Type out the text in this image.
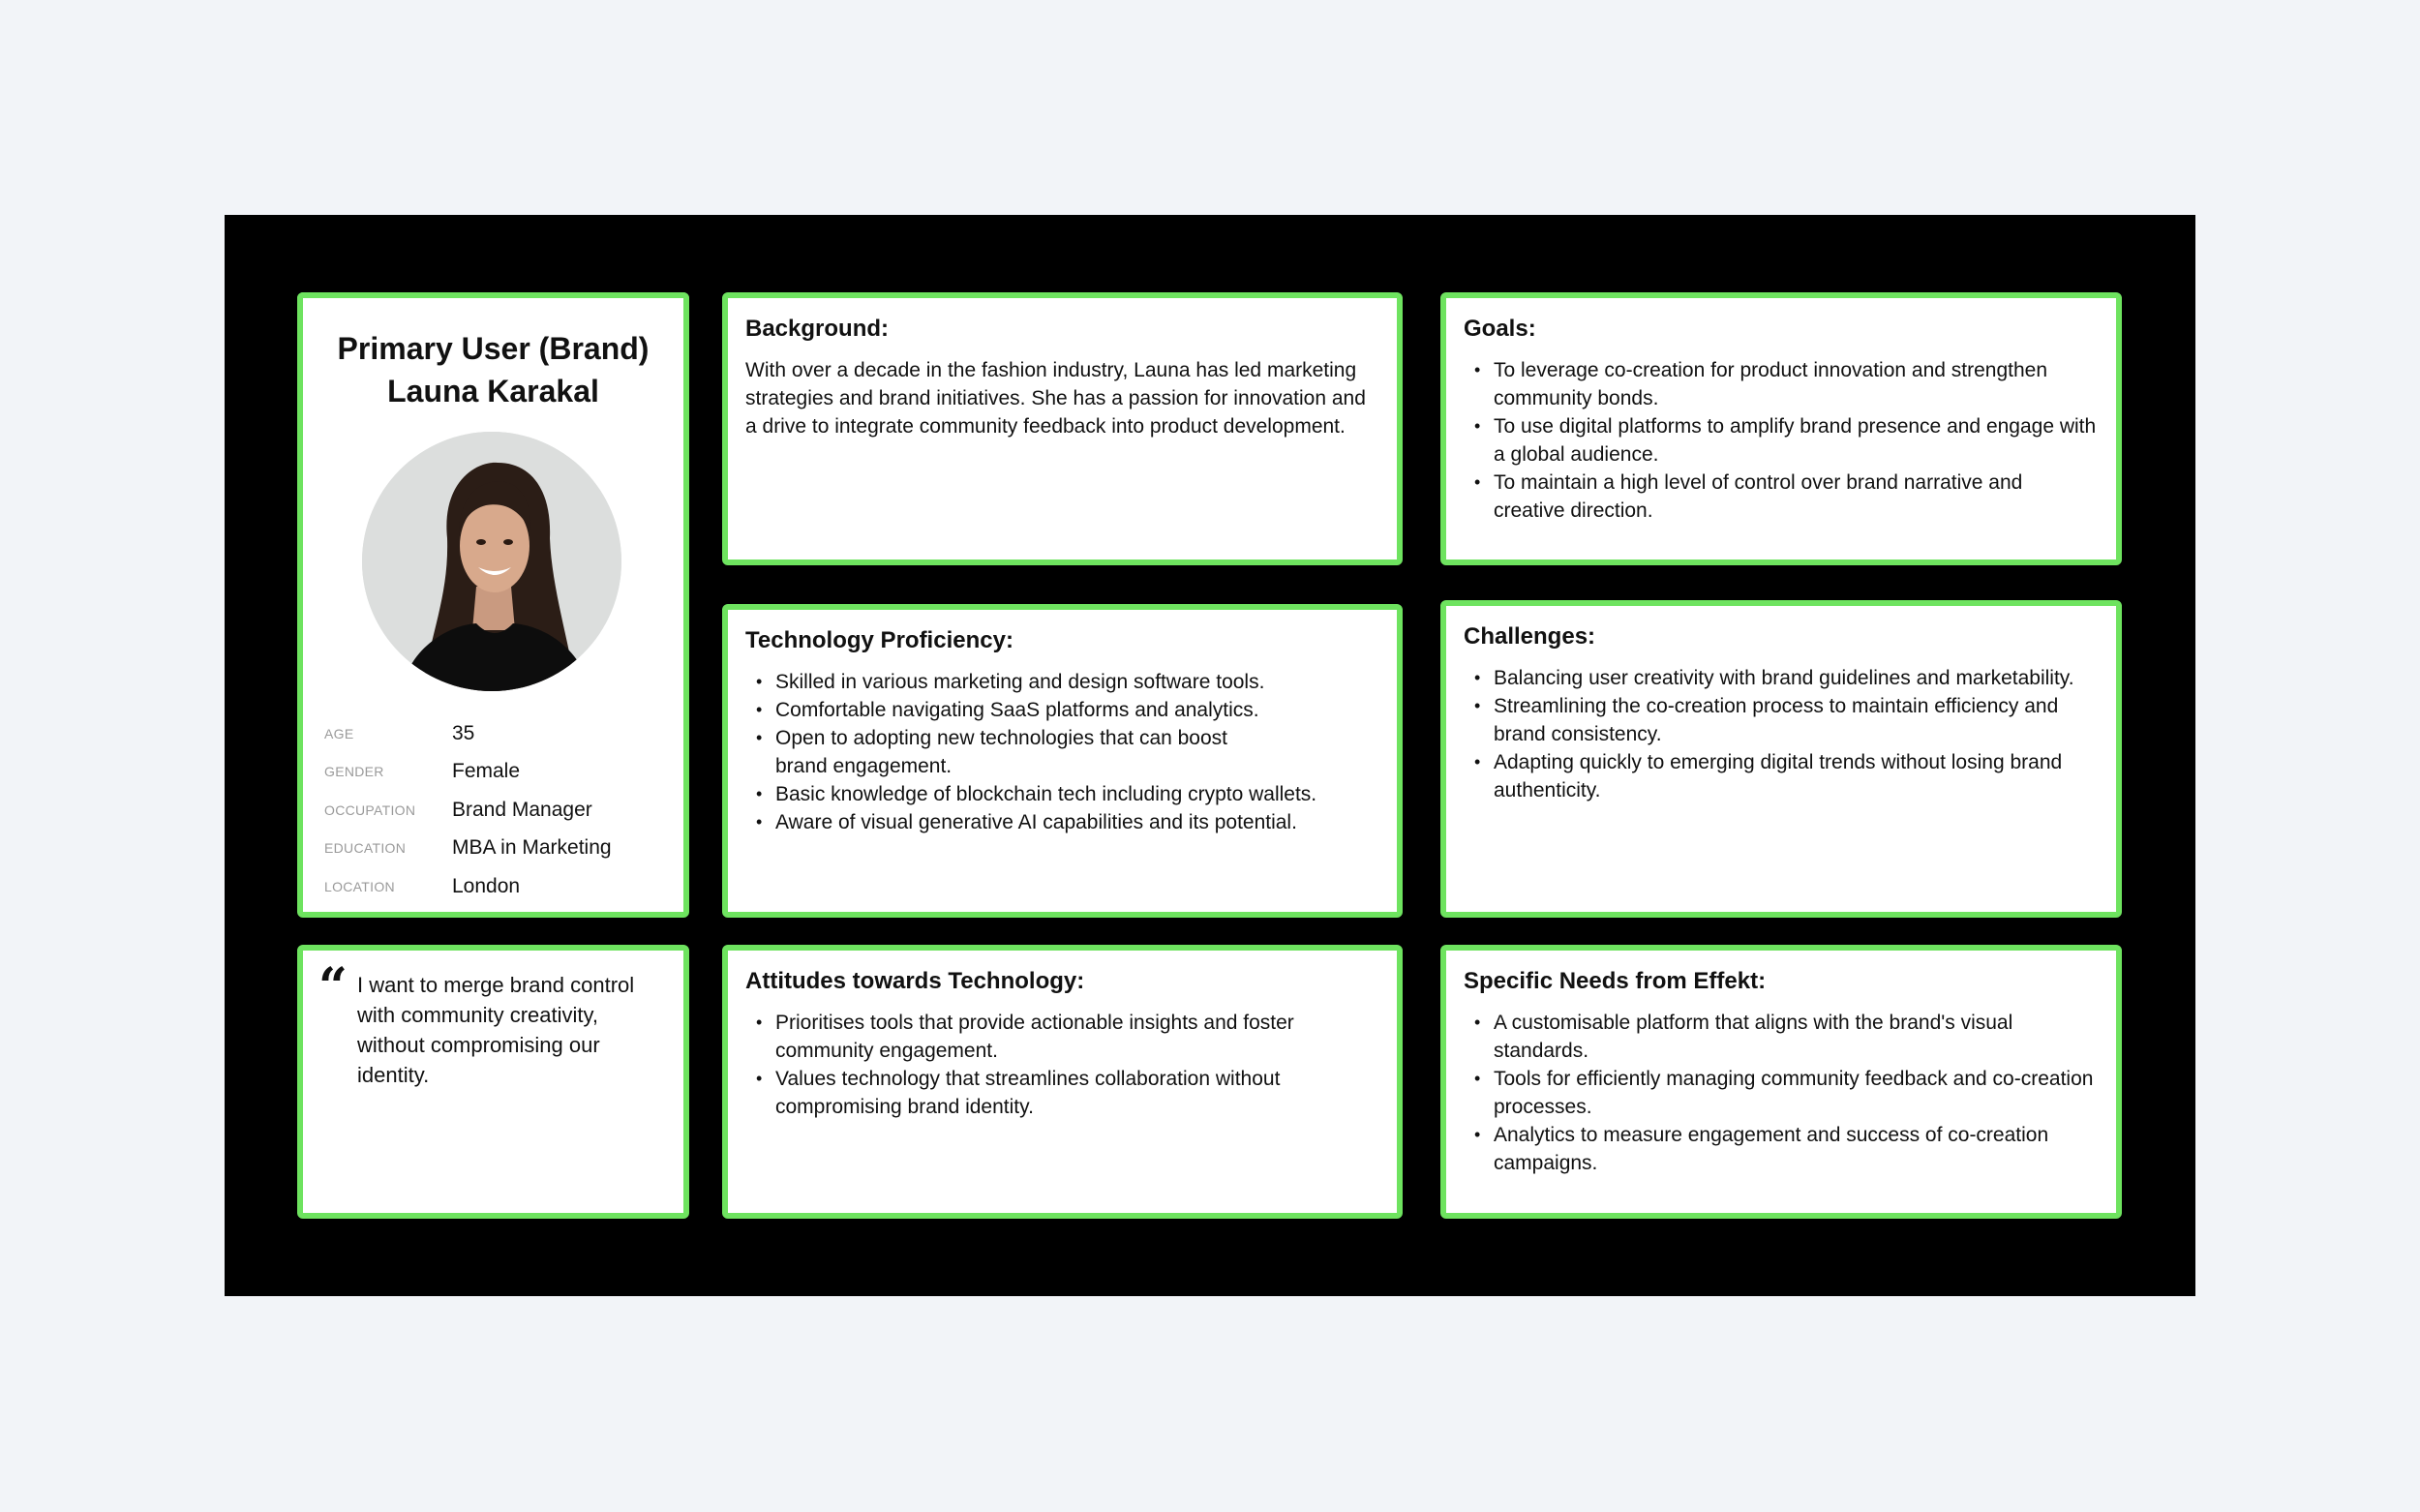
Primary User (Brand)
Launa Karakal
AGE	35
GENDER	Female
OCCUPATION	Brand Manager
EDUCATION	MBA in Marketing
LOCATION	London
“ I want to merge brand control with community creativity, without compromising our identity.
Background:

With over a decade in the fashion industry, Launa has led marketing strategies and brand initiatives. She has a passion for innovation and a drive to integrate community feedback into product development.

Goals:
• To leverage co-creation for product innovation and strengthen community bonds.
• To use digital platforms to amplify brand presence and engage with a global audience.
• To maintain a high level of control over brand narrative and creative direction.
Technology Proficiency:
• Skilled in various marketing and design software tools.
• Comfortable navigating SaaS platforms and analytics.
• Open to adopting new technologies that can boost brand engagement.
• Basic knowledge of blockchain tech including crypto wallets.
• Aware of visual generative AI capabilities and its potential.
Challenges:
• Balancing user creativity with brand guidelines and marketability.
• Streamlining the co-creation process to maintain efficiency and brand consistency.
• Adapting quickly to emerging digital trends without losing brand authenticity.
Attitudes towards Technology:
• Prioritises tools that provide actionable insights and foster community engagement.
• Values technology that streamlines collaboration without compromising brand identity.
Specific Needs from Effekt:
• A customisable platform that aligns with the brand's visual standards.
• Tools for efficiently managing community feedback and co-creation processes.
• Analytics to measure engagement and success of co-creation campaigns.
